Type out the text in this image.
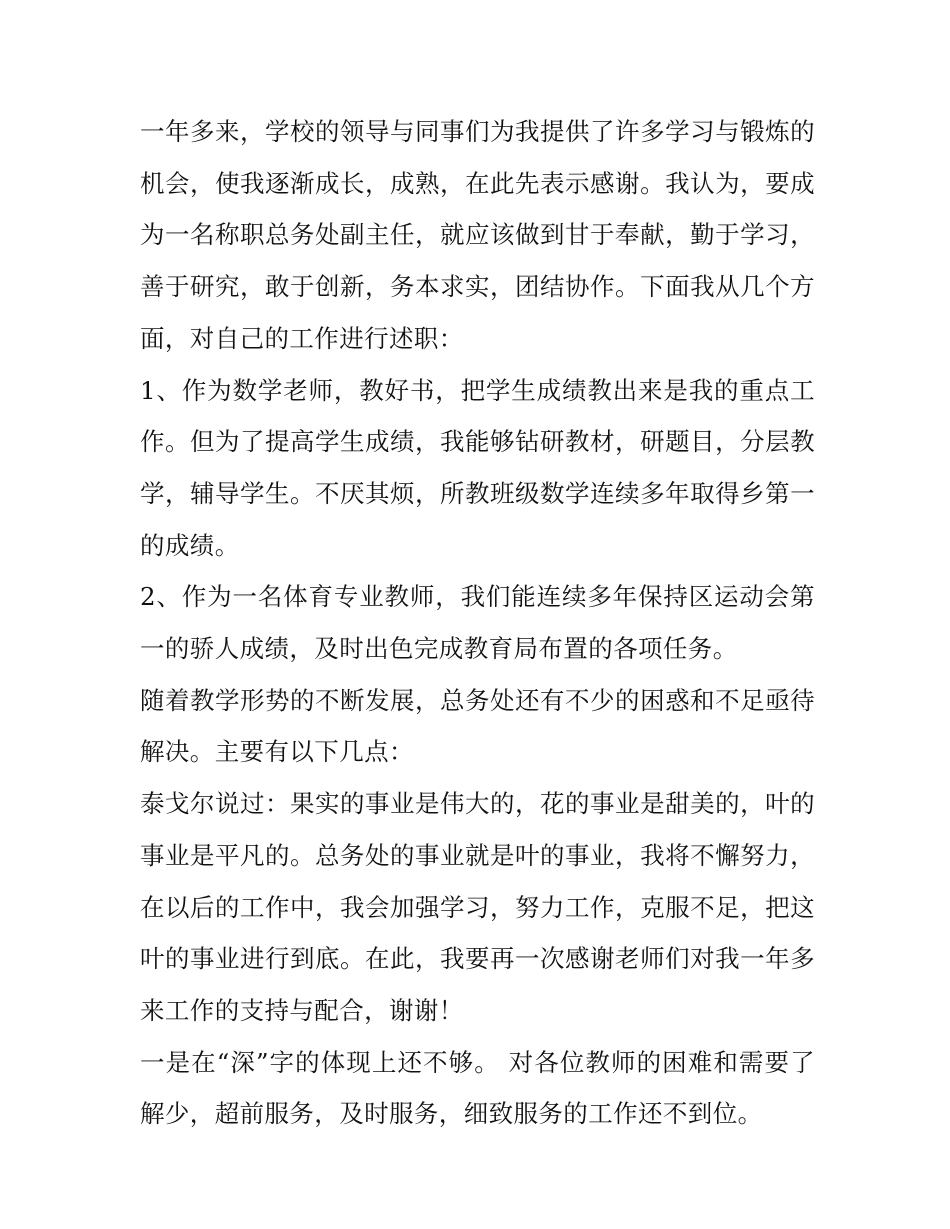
一年多来，学校的领导与同事们为我提供了许多学习与锻炼的机会，使我逐渐成长，成熟，在此先表示感谢。我认为，要成为一名称职总务处副主任，就应该做到甘于奉献，勤于学习，善于研究，敢于创新，务本求实，团结协作。下面我从几个方面，对自己的工作进行述职：

1、作为数学老师，教好书，把学生成绩教出来是我的重点工作。但为了提高学生成绩，我能够钻研教材，研题目，分层教学，辅导学生。不厌其烦，所教班级数学连续多年取得乡第一的成绩。

2、作为一名体育专业教师，我们能连续多年保持区运动会第一的骄人成绩，及时出色完成教育局布置的各项任务。

随着教学形势的不断发展，总务处还有不少的困惑和不足亟待解决。主要有以下几点：

泰戈尔说过：果实的事业是伟大的，花的事业是甜美的，叶的事业是平凡的。总务处的事业就是叶的事业，我将不懈努力，在以后的工作中，我会加强学习，努力工作，克服不足，把这叶的事业进行到底。在此，我要再一次感谢老师们对我一年多来工作的支持与配合，谢谢！

一是在“深”字的体现上还不够。 对各位教师的困难和需要了解少，超前服务，及时服务，细致服务的工作还不到位。
